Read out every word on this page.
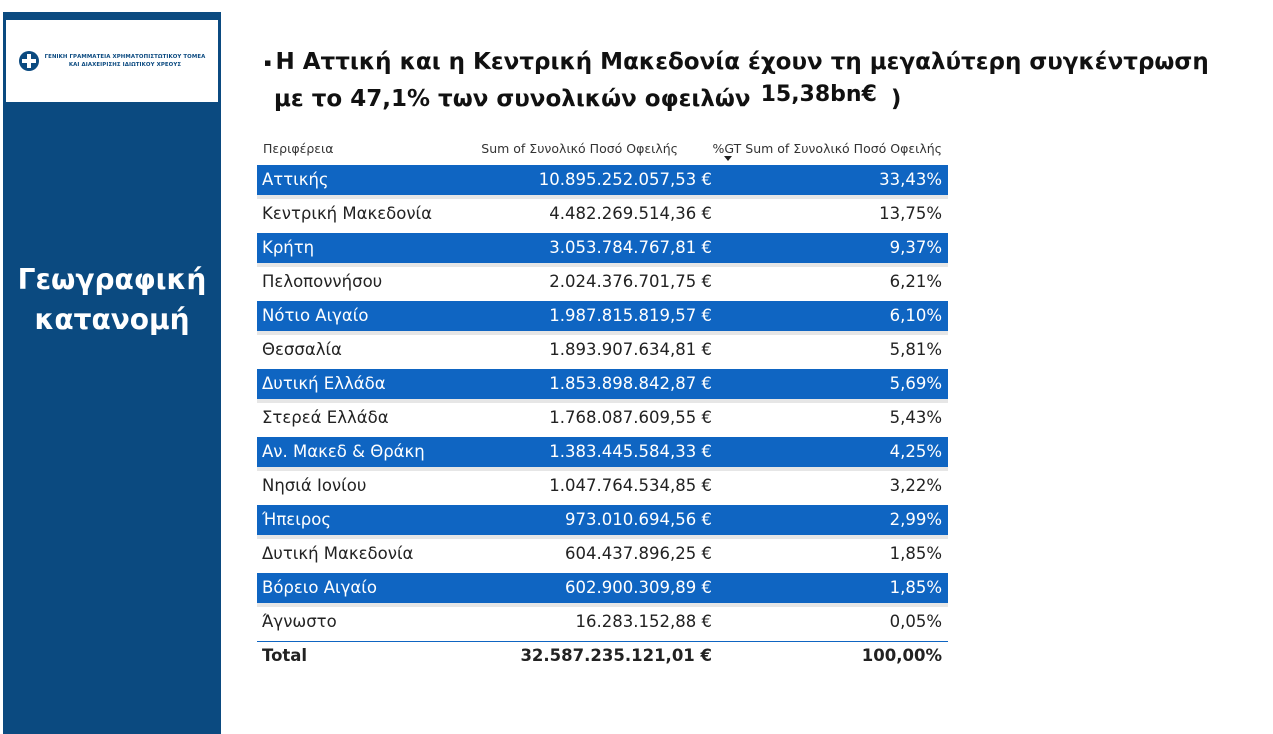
ΓΕΝΙΚΗ ΓΡΑΜΜΑΤΕΙΑ ΧΡΗΜΑΤΟΠΙΣΤΩΤΙΚΟΥ ΤΟΜΕΑ
ΚΑΙ ΔΙΑΧΕΙΡΙΣΗΣ ΙΔΙΩΤΙΚΟΥ ΧΡΕΟΥΣ
Γεωγραφική
κατανομή
▪ Η Αττική και η Κεντρική Μακεδονία έχουν τη μεγαλύτερη συγκέντρωση
με το 47,1% των συνολικών οφειλών 15,38bn€ )
Περιφέρεια	Sum of Συνολικό Ποσό Οφειλής	%GT Sum of Συνολικό Ποσό Οφειλής
Αττικής	10.895.252.057,53 €	33,43%
Κεντρική Μακεδονία	4.482.269.514,36 €	13,75%
Κρήτη	3.053.784.767,81 €	9,37%
Πελοποννήσου	2.024.376.701,75 €	6,21%
Νότιο Αιγαίο	1.987.815.819,57 €	6,10%
Θεσσαλία	1.893.907.634,81 €	5,81%
Δυτική Ελλάδα	1.853.898.842,87 €	5,69%
Στερεά Ελλάδα	1.768.087.609,55 €	5,43%
Αν. Μακεδ & Θράκη	1.383.445.584,33 €	4,25%
Νησιά Ιονίου	1.047.764.534,85 €	3,22%
Ήπειρος	973.010.694,56 €	2,99%
Δυτική Μακεδονία	604.437.896,25 €	1,85%
Βόρειο Αιγαίο	602.900.309,89 €	1,85%
Άγνωστο	16.283.152,88 €	0,05%
Total	32.587.235.121,01 €	100,00%
